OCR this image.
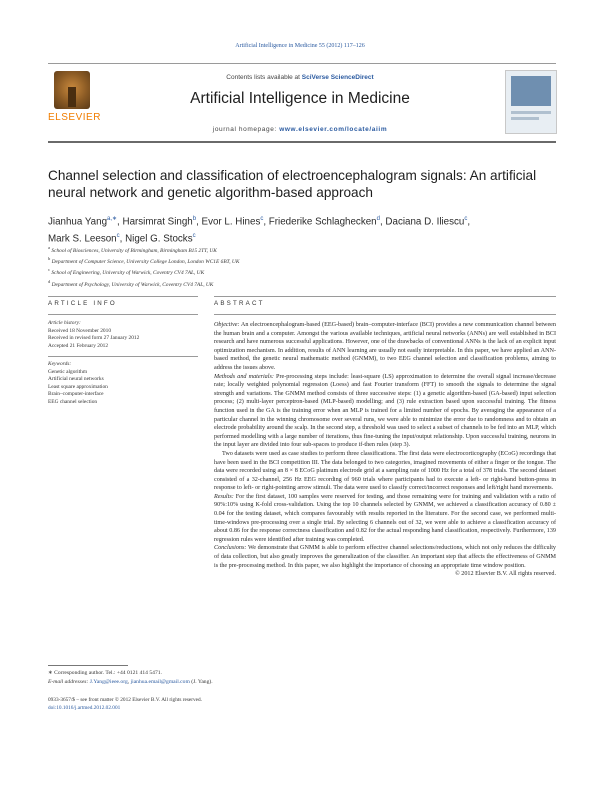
Artificial Intelligence in Medicine 55 (2012) 117–126
ELSEVIER
Contents lists available at SciVerse ScienceDirect
Artificial Intelligence in Medicine
journal homepage: www.elsevier.com/locate/aiim
Channel selection and classification of electroencephalogram signals: An artificial
neural network and genetic algorithm-based approach
Jianhua Yang$^{a,∗}$, Harsimrat Singh$^b$, Evor L. Hines$^c$, Friederike Schlaghecken$^d$, Daciana D. Iliescu$^c$,
Mark S. Leeson$^c$, Nigel G. Stocks$^c$
$^a$ School of Biosciences, University of Birmingham, Birmingham B15 2TT, UK
$^b$ Department of Computer Science, University College London, London WC1E 6BT, UK
$^c$ School of Engineering, University of Warwick, Coventry CV4 7AL, UK
$^d$ Department of Psychology, University of Warwick, Coventry CV4 7AL, UK
ARTICLE INFO	ABSTRACT
Article history:
Received 18 November 2010
Received in revised form 27 January 2012
Accepted 21 February 2012
Keywords:
Genetic algorithm
Artificial neural networks
Least square approximation
Brain–computer-interface
EEG channel selection

Objective: An electroencephalogram-based (EEG-based) brain–computer-interface (BCI) provides a new communication channel between the human brain and a computer. Amongst the various available techniques, artificial neural networks (ANNs) are well established in BCI research and have numerous successful applications. However, one of the drawbacks of conventional ANNs is the lack of an explicit input optimization mechanism. In addition, results of ANN learning are usually not easily interpretable. In this paper, we have applied an ANN-based method, the genetic neural mathematic method (GNMM), to two EEG channel selection and classification problems, aiming to address the issues above.

Methods and materials: Pre-processing steps include: least-square (LS) approximation to determine the overall signal increase/decrease rate; locally weighted polynomial regression (Loess) and fast Fourier transform (FFT) to smooth the signals to determine the signal strength and variations. The GNMM method consists of three successive steps: (1) a genetic algorithm-based (GA-based) input selection process; (2) multi-layer perceptron-based (MLP-based) modelling; and (3) rule extraction based upon successful training. The fitness function used in the GA is the training error when an MLP is trained for a limited number of epochs. By averaging the appearance of a particular channel in the winning chromosome over several runs, we were able to minimize the error due to randomness and to obtain an electrode probability around the scalp. In the second step, a threshold was used to select a subset of channels to be fed into an MLP, which performed modelling with a large number of iterations, thus fine-tuning the input/output relationship. Upon successful training, neurons in the input layer are divided into four sub-spaces to produce if-then rules (step 3).

Two datasets were used as case studies to perform three classifications. The first data were electrocorticography (ECoG) recordings that have been used in the BCI competition III. The data belonged to two categories, imagined movements of either a finger or the tongue. The data were recorded using an 8 × 8 ECoG platinum electrode grid at a sampling rate of 1000 Hz for a total of 378 trials. The second dataset consisted of a 32-channel, 256 Hz EEG recording of 960 trials where participants had to execute a left- or right-hand button-press in response to left- or right-pointing arrow stimuli. The data were used to classify correct/incorrect responses and left/right hand movements.

Results: For the first dataset, 100 samples were reserved for testing, and those remaining were for training and validation with a ratio of 90%:10% using K-fold cross-validation. Using the top 10 channels selected by GNMM, we achieved a classification accuracy of 0.80 ± 0.04 for the testing dataset, which compares favourably with results reported in the literature. For the second case, we performed multi-time-windows pre-processing over a single trial. By selecting 6 channels out of 32, we were able to achieve a classification accuracy of about 0.86 for the response correctness classification and 0.82 for the actual responding hand classification, respectively. Furthermore, 139 regression rules were identified after training was completed.

Conclusions: We demonstrate that GNMM is able to perform effective channel selections/reductions, which not only reduces the difficulty of data collection, but also greatly improves the generalization of the classifier. An important step that affects the effectiveness of GNMM is the pre-processing method. In this paper, we also highlight the importance of choosing an appropriate time window position.

© 2012 Elsevier B.V. All rights reserved.

∗ Corresponding author. Tel.: +44 0121 414 5471.
E-mail addresses: J.Yang@ieee.org, jianhua.email@gmail.com (J. Yang).
0933-3657/$ – see front matter © 2012 Elsevier B.V. All rights reserved.
doi:10.1016/j.artmed.2012.02.001
